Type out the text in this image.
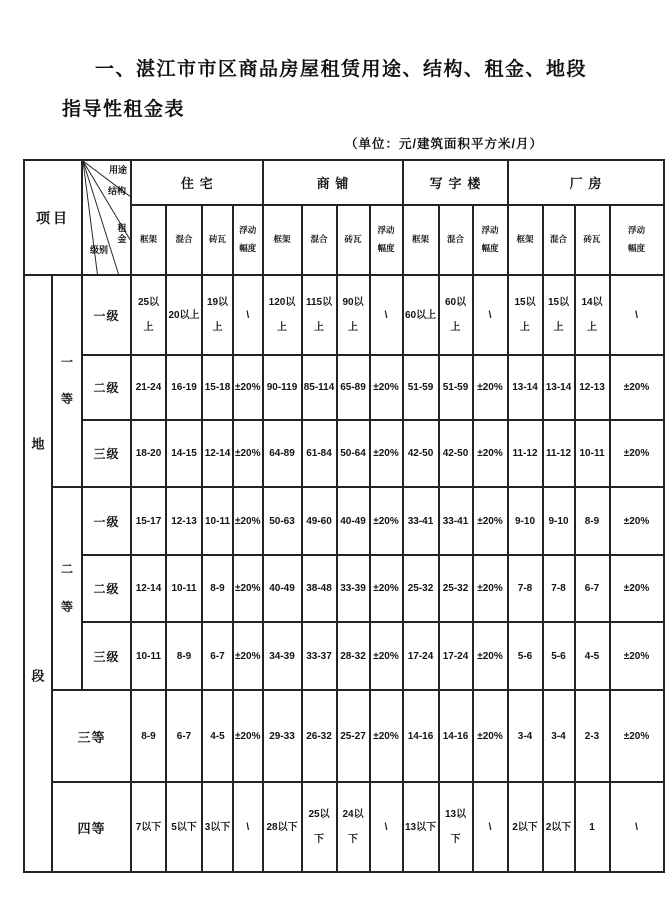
一、湛江市市区商品房屋租赁用途、结构、租金、地段
指导性租金表
（单位：元/建筑面积平方米/月）
项目		用途
结构
租金
级别	住宅				商铺				写字楼			厂房			

			框架	混合	砖瓦	浮动幅度	框架	混合	砖瓦	浮动幅度	框架	混合	浮动幅度	框架	混合	砖瓦	浮动幅度

地
段	一等	一级	25以上	20以上	19以上	\	120以上	115以上	90以上	\	60以上	60以上	\	15以上	15以上	14以上	\
		二级	21-24	16-19	15-18	±20%	90-119	85-114	65-89	±20%	51-59	51-59	±20%	13-14	13-14	12-13	±20%
		三级	18-20	14-15	12-14	±20%	64-89	61-84	50-64	±20%	42-50	42-50	±20%	11-12	11-12	10-11	±20%

	二等	一级	15-17	12-13	10-11	±20%	50-63	49-60	40-49	±20%	33-41	33-41	±20%	9-10	9-10	8-9	±20%
		二级	12-14	10-11	8-9	±20%	40-49	38-48	33-39	±20%	25-32	25-32	±20%	7-8	7-8	6-7	±20%
		三级	10-11	8-9	6-7	±20%	34-39	33-37	28-32	±20%	17-24	17-24	±20%	5-6	5-6	4-5	±20%
	三等		8-9	6-7	4-5	±20%	29-33	26-32	25-27	±20%	14-16	14-16	±20%	3-4	3-4	2-3	±20%
	四等		7以下	5以下	3以下	\	28以下	25以下	24以下	\	13以下	13以下	\	2以下	2以下	1	\
